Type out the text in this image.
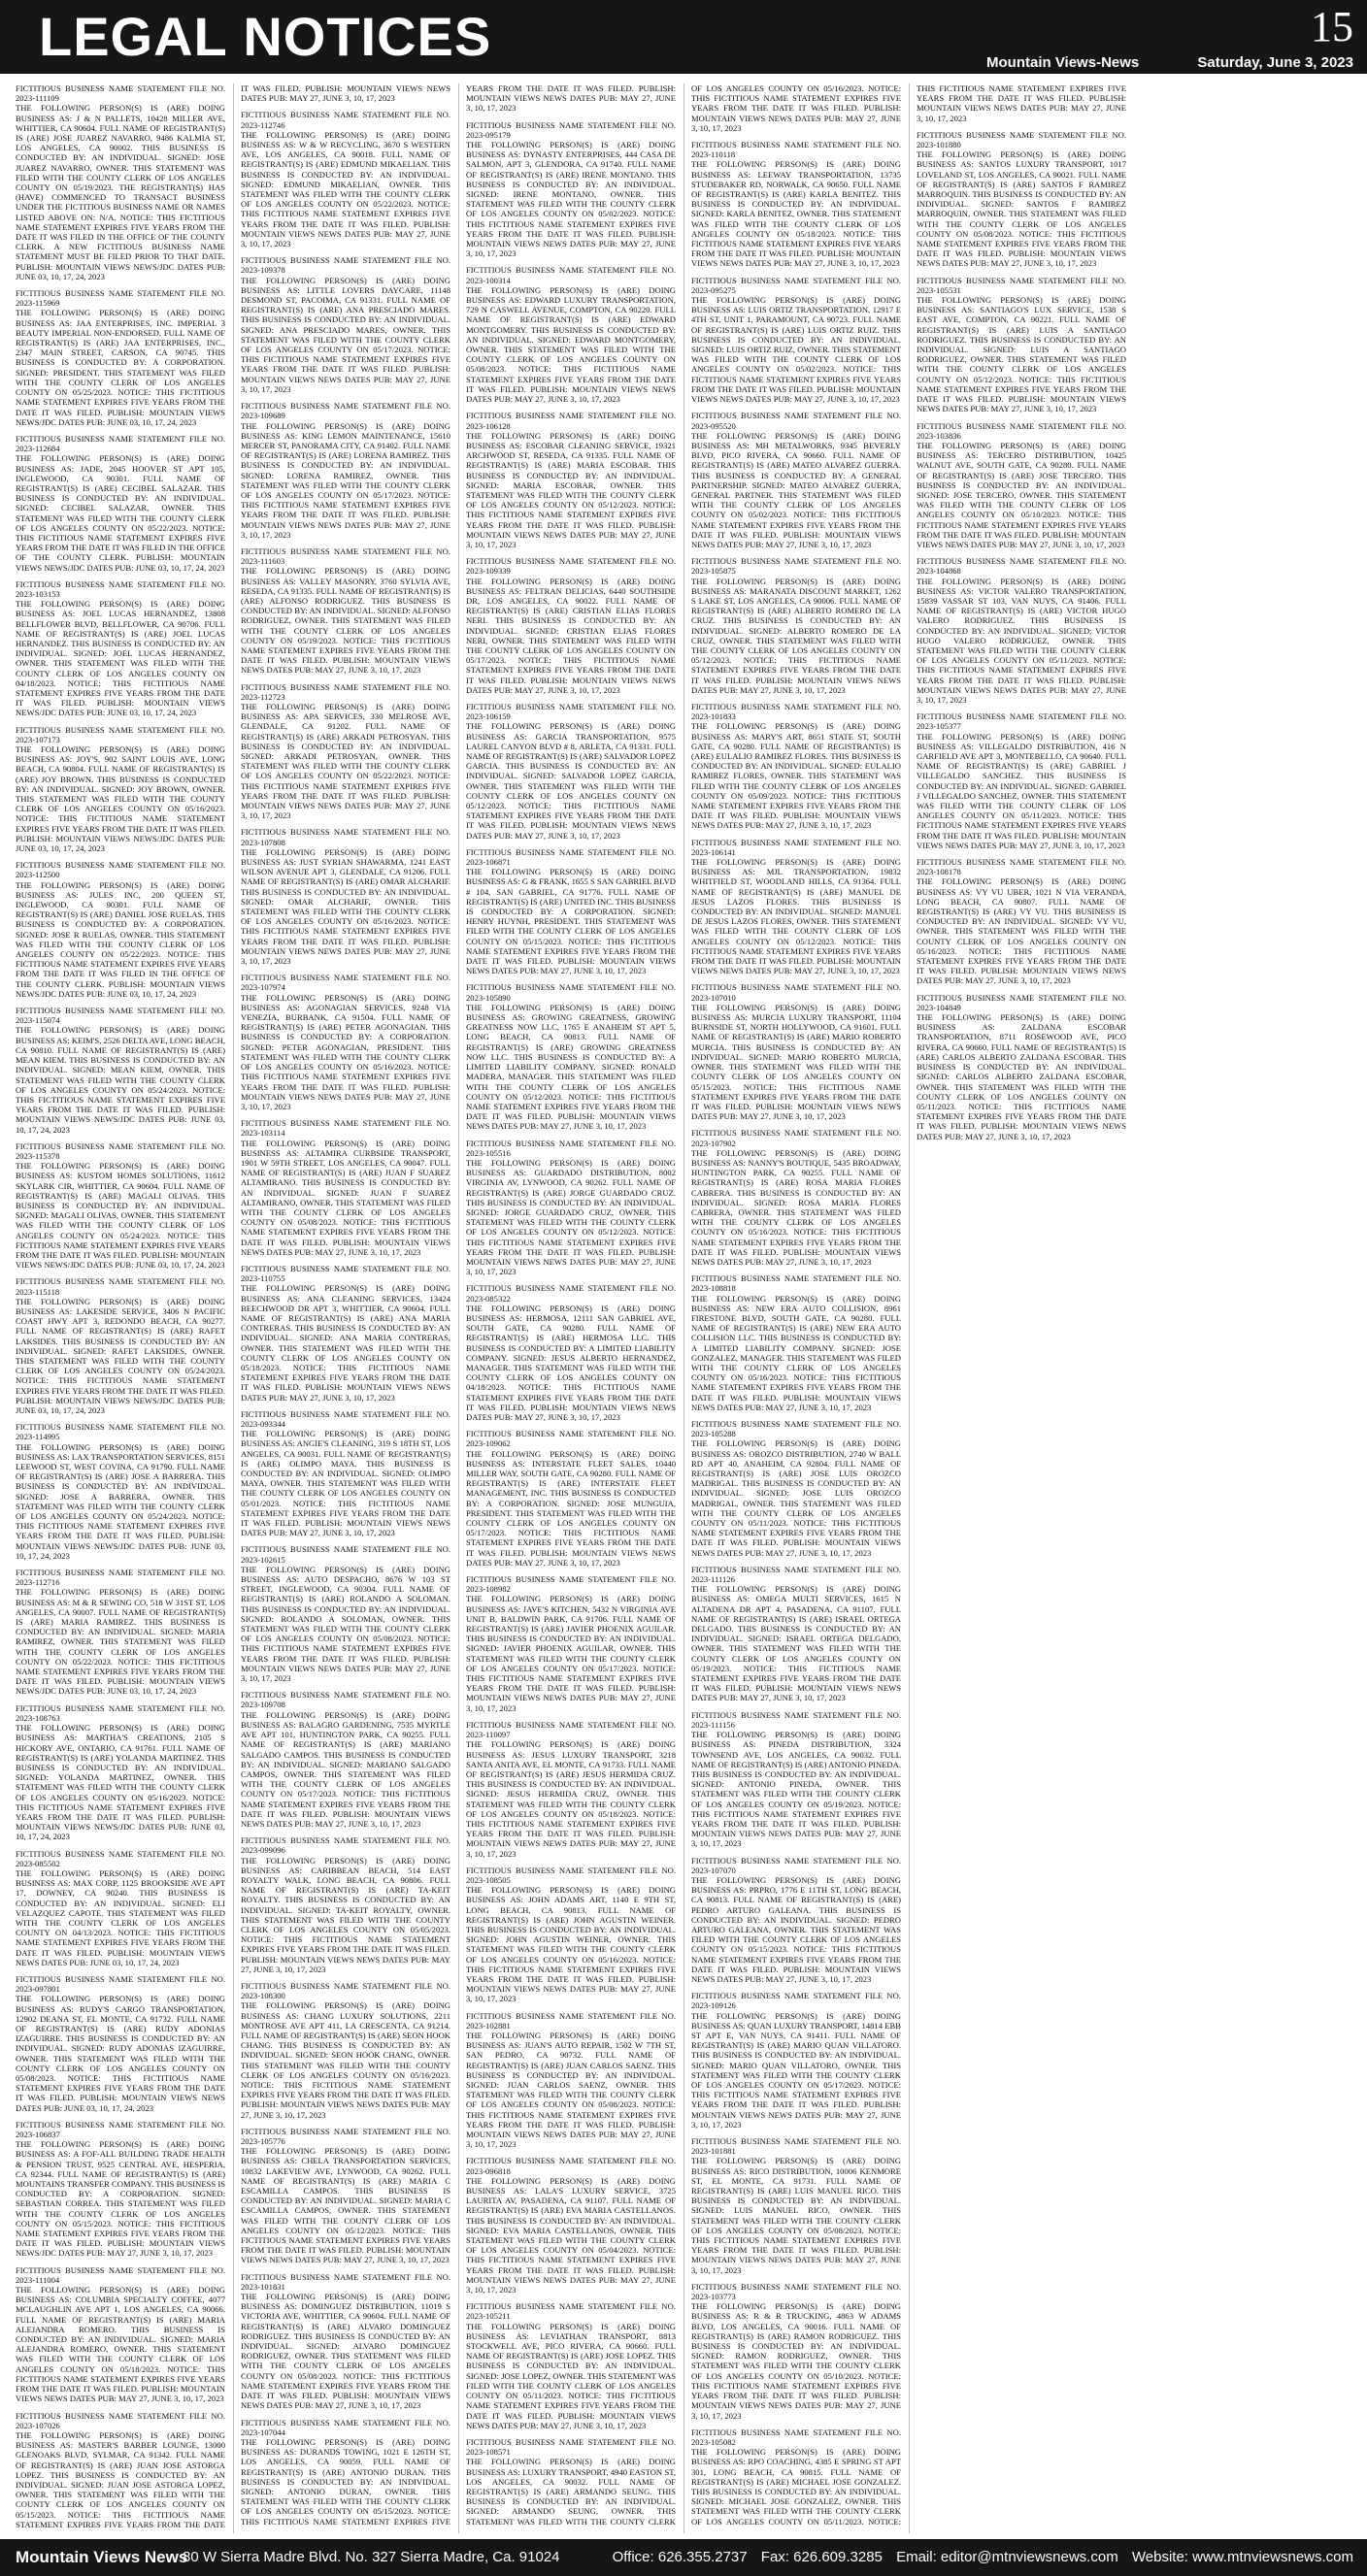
LEGAL NOTICES	15
Mountain Views-News	Saturday, June 3, 2023

FICTITIOUS BUSINESS NAME STATEMENT FILE NO. 2023-111109
THE FOLLOWING PERSON(S) IS (ARE) DOING BUSINESS AS: J & N PALLETS, 10428 MILLER AVE, WHITTIER, CA 90604. FULL NAME OF REGISTRANT(S) IS (ARE) JOSE JUAREZ NAVARRO, 9486 KALMIA ST, LOS ANGELES, CA 90002. THIS BUSINESS IS CONDUCTED BY: AN INDIVIDUAL. SIGNED: JOSE JUAREZ NAVARRO, OWNER. THIS STATEMENT WAS FILED WITH THE COUNTY CLERK OF LOS ANGELES COUNTY ON 05/19/2023. THE REGISTRANT(S) HAS (HAVE) COMMENCED TO TRANSACT BUSINESS UNDER THE FICTITIOUS BUSINESS NAME OR NAMES LISTED ABOVE ON: N/A. NOTICE: THIS FICTITIOUS NAME STATEMENT EXPIRES FIVE YEARS FROM THE DATE IT WAS FILED IN THE OFFICE OF THE COUNTY CLERK. A NEW FICTITIOUS BUSINESS NAME STATEMENT MUST BE FILED PRIOR TO THAT DATE. PUBLISH: MOUNTAIN VIEWS NEWS/JDC DATES PUB: JUNE 03, 10, 17, 24, 2023

FICTITIOUS BUSINESS NAME STATEMENT FILE NO. 2023-115969
THE FOLLOWING PERSON(S) IS (ARE) DOING BUSINESS AS: JAA ENTERPRISES, INC. IMPERIAL 3 BEAUTY IMPERIAL NON-ENDORSED. FULL NAME OF REGISTRANT(S) IS (ARE) JAA ENTERPRISES, INC., 2347 MAIN STREET, CARSON, CA 90745. THIS BUSINESS IS CONDUCTED BY: A CORPORATION. SIGNED: PRESIDENT. THIS STATEMENT WAS FILED WITH THE COUNTY CLERK OF LOS ANGELES COUNTY ON 05/25/2023. NOTICE: THIS FICTITIOUS NAME STATEMENT EXPIRES FIVE YEARS FROM THE DATE IT WAS FILED. PUBLISH: MOUNTAIN VIEWS NEWS/JDC DATES PUB: JUNE 03, 10, 17, 24, 2023

FICTITIOUS BUSINESS NAME STATEMENT FILE NO. 2023-112684
THE FOLLOWING PERSON(S) IS (ARE) DOING BUSINESS AS: JADE, 2045 HOOVER ST APT 105, INGLEWOOD, CA 90301. FULL NAME OF REGISTRANT(S) IS (ARE) CECIBEL SALAZAR. THIS BUSINESS IS CONDUCTED BY: AN INDIVIDUAL. SIGNED: CECIBEL SALAZAR, OWNER. THIS STATEMENT WAS FILED WITH THE COUNTY CLERK OF LOS ANGELES COUNTY ON 05/22/2023. NOTICE: THIS FICTITIOUS NAME STATEMENT EXPIRES FIVE YEARS FROM THE DATE IT WAS FILED IN THE OFFICE OF THE COUNTY CLERK. PUBLISH: MOUNTAIN VIEWS NEWS/JDC DATES PUB: JUNE 03, 10, 17, 24, 2023

FICTITIOUS BUSINESS NAME STATEMENT FILE NO. 2023-103153
THE FOLLOWING PERSON(S) IS (ARE) DOING BUSINESS AS: JOEL LUCAS HERNANDEZ, 13808 BELLFLOWER BLVD, BELLFLOWER, CA 90706. FULL NAME OF REGISTRANT(S) IS (ARE) JOEL LUCAS HERNANDEZ. THIS BUSINESS IS CONDUCTED BY: AN INDIVIDUAL. SIGNED: JOEL LUCAS HERNANDEZ, OWNER. THIS STATEMENT WAS FILED WITH THE COUNTY CLERK OF LOS ANGELES COUNTY ON 04/18/2023. NOTICE: THIS FICTITIOUS NAME STATEMENT EXPIRES FIVE YEARS FROM THE DATE IT WAS FILED. PUBLISH: MOUNTAIN VIEWS NEWS/JDC DATES PUB: JUNE 03, 10, 17, 24, 2023

FICTITIOUS BUSINESS NAME STATEMENT FILE NO. 2023-107173
THE FOLLOWING PERSON(S) IS (ARE) DOING BUSINESS AS: JOY'S, 902 SAINT LOUIS AVE, LONG BEACH, CA 90804. FULL NAME OF REGISTRANT(S) IS (ARE) JOY BROWN. THIS BUSINESS IS CONDUCTED BY: AN INDIVIDUAL. SIGNED: JOY BROWN, OWNER. THIS STATEMENT WAS FILED WITH THE COUNTY CLERK OF LOS ANGELES COUNTY ON 05/16/2023. NOTICE: THIS FICTITIOUS NAME STATEMENT EXPIRES FIVE YEARS FROM THE DATE IT WAS FILED. PUBLISH: MOUNTAIN VIEWS NEWS/JDC DATES PUB: JUNE 03, 10, 17, 24, 2023

FICTITIOUS BUSINESS NAME STATEMENT FILE NO. 2023-112500
THE FOLLOWING PERSON(S) IS (ARE) DOING BUSINESS AS: JULES INC, 200 QUEEN ST, INGLEWOOD, CA 90301. FULL NAME OF REGISTRANT(S) IS (ARE) DANIEL JOSE RUELAS. THIS BUSINESS IS CONDUCTED BY: A CORPORATION. SIGNED: JOSE R RUELAS, OWNER. THIS STATEMENT WAS FILED WITH THE COUNTY CLERK OF LOS ANGELES COUNTY ON 05/22/2023. NOTICE: THIS FICTITIOUS NAME STATEMENT EXPIRES FIVE YEARS FROM THE DATE IT WAS FILED IN THE OFFICE OF THE COUNTY CLERK. PUBLISH: MOUNTAIN VIEWS NEWS/JDC DATES PUB: JUNE 03, 10, 17, 24, 2023

FICTITIOUS BUSINESS NAME STATEMENT FILE NO. 2023-115074
THE FOLLOWING PERSON(S) IS (ARE) DOING BUSINESS AS: KEIM'S, 2526 DELTA AVE, LONG BEACH, CA 90810. FULL NAME OF REGISTRANT(S) IS (ARE) MEAN KIEM. THIS BUSINESS IS CONDUCTED BY: AN INDIVIDUAL. SIGNED: MEAN KIEM, OWNER. THIS STATEMENT WAS FILED WITH THE COUNTY CLERK OF LOS ANGELES COUNTY ON 05/24/2023. NOTICE: THIS FICTITIOUS NAME STATEMENT EXPIRES FIVE YEARS FROM THE DATE IT WAS FILED. PUBLISH: MOUNTAIN VIEWS NEWS/JDC DATES PUB: JUNE 03, 10, 17, 24, 2023

FICTITIOUS BUSINESS NAME STATEMENT FILE NO. 2023-115378
THE FOLLOWING PERSON(S) IS (ARE) DOING BUSINESS AS: KUSTOM HOMES SOLUTIONS, 11612 SKYLARK CIR, WHITTIER, CA 90604. FULL NAME OF REGISTRANT(S) IS (ARE) MAGALI OLIVAS. THIS BUSINESS IS CONDUCTED BY: AN INDIVIDUAL. SIGNED: MAGALI OLIVAS, OWNER. THIS STATEMENT WAS FILED WITH THE COUNTY CLERK OF LOS ANGELES COUNTY ON 05/24/2023. NOTICE: THIS FICTITIOUS NAME STATEMENT EXPIRES FIVE YEARS FROM THE DATE IT WAS FILED. PUBLISH: MOUNTAIN VIEWS NEWS/JDC DATES PUB: JUNE 03, 10, 17, 24, 2023

FICTITIOUS BUSINESS NAME STATEMENT FILE NO. 2023-115118
THE FOLLOWING PERSON(S) IS (ARE) DOING BUSINESS AS: LAKESIDE SERVICE, 3406 N PACIFIC COAST HWY APT 3, REDONDO BEACH, CA 90277. FULL NAME OF REGISTRANT(S) IS (ARE) RAFET LAKSIDES. THIS BUSINESS IS CONDUCTED BY: AN INDIVIDUAL. SIGNED: RAFET LAKSIDES, OWNER. THIS STATEMENT WAS FILED WITH THE COUNTY CLERK OF LOS ANGELES COUNTY ON 05/24/2023. NOTICE: THIS FICTITIOUS NAME STATEMENT EXPIRES FIVE YEARS FROM THE DATE IT WAS FILED. PUBLISH: MOUNTAIN VIEWS NEWS/JDC DATES PUB: JUNE 03, 10, 17, 24, 2023

FICTITIOUS BUSINESS NAME STATEMENT FILE NO. 2023-114995
THE FOLLOWING PERSON(S) IS (ARE) DOING BUSINESS AS: LAX TRANSPORTATION SERVICES, 8151 LEEWOOD ST, WEST COVINA, CA 91790. FULL NAME OF REGISTRANT(S) IS (ARE) JOSE A BARRERA. THIS BUSINESS IS CONDUCTED BY: AN INDIVIDUAL. SIGNED: JOSE A BARRERA, OWNER. THIS STATEMENT WAS FILED WITH THE COUNTY CLERK OF LOS ANGELES COUNTY ON 05/24/2023. NOTICE: THIS FICTITIOUS NAME STATEMENT EXPIRES FIVE YEARS FROM THE DATE IT WAS FILED. PUBLISH: MOUNTAIN VIEWS NEWS/JDC DATES PUB: JUNE 03, 10, 17, 24, 2023

FICTITIOUS BUSINESS NAME STATEMENT FILE NO. 2023-112716
THE FOLLOWING PERSON(S) IS (ARE) DOING BUSINESS AS: M & R SEWING CO, 518 W 31ST ST, LOS ANGELES, CA 90007. FULL NAME OF REGISTRANT(S) IS (ARE) MARIA RAMIREZ. THIS BUSINESS IS CONDUCTED BY: AN INDIVIDUAL. SIGNED: MARIA RAMIREZ, OWNER. THIS STATEMENT WAS FILED WITH THE COUNTY CLERK OF LOS ANGELES COUNTY ON 05/22/2023. NOTICE: THIS FICTITIOUS NAME STATEMENT EXPIRES FIVE YEARS FROM THE DATE IT WAS FILED. PUBLISH: MOUNTAIN VIEWS NEWS/JDC DATES PUB: JUNE 03, 10, 17, 24, 2023

FICTITIOUS BUSINESS NAME STATEMENT FILE NO. 2023-108763
THE FOLLOWING PERSON(S) IS (ARE) DOING BUSINESS AS: MARTHA'S CREATIONS, 2105 S HICKORY AVE, ONTARIO, CA 91761. FULL NAME OF REGISTRANT(S) IS (ARE) YOLANDA MARTINEZ. THIS BUSINESS IS CONDUCTED BY: AN INDIVIDUAL. SIGNED: YOLANDA MARTINEZ, OWNER. THIS STATEMENT WAS FILED WITH THE COUNTY CLERK OF LOS ANGELES COUNTY ON 05/16/2023. NOTICE: THIS FICTITIOUS NAME STATEMENT EXPIRES FIVE YEARS FROM THE DATE IT WAS FILED. PUBLISH: MOUNTAIN VIEWS NEWS/JDC DATES PUB: JUNE 03, 10, 17, 24, 2023

FICTITIOUS BUSINESS NAME STATEMENT FILE NO. 2023-085502
THE FOLLOWING PERSON(S) IS (ARE) DOING BUSINESS AS: MAX CORP, 1125 BROOKSIDE AVE APT 17, DOWNEY, CA 90240. THIS BUSINESS IS CONDUCTED BY: AN INDIVIDUAL. SIGNED: ELI VELAZQUEZ CAPOTE. THIS STATEMENT WAS FILED WITH THE COUNTY CLERK OF LOS ANGELES COUNTY ON 04/13/2023. NOTICE: THIS FICTITIOUS NAME STATEMENT EXPIRES FIVE YEARS FROM THE DATE IT WAS FILED. PUBLISH: MOUNTAIN VIEWS NEWS DATES PUB: JUNE 03, 10, 17, 24, 2023

FICTITIOUS BUSINESS NAME STATEMENT FILE NO. 2023-097801
THE FOLLOWING PERSON(S) IS (ARE) DOING BUSINESS AS: RUDY'S CARGO TRANSPORTATION, 12902 DEANA ST, EL MONTE, CA 91732. FULL NAME OF REGISTRANT(S) IS (ARE) RUDY ADONIAS IZAGUIRRE. THIS BUSINESS IS CONDUCTED BY: AN INDIVIDUAL. SIGNED: RUDY ADONIAS IZAGUIRRE, OWNER. THIS STATEMENT WAS FILED WITH THE COUNTY CLERK OF LOS ANGELES COUNTY ON 05/08/2023. NOTICE: THIS FICTITIOUS NAME STATEMENT EXPIRES FIVE YEARS FROM THE DATE IT WAS FILED. PUBLISH: MOUNTAIN VIEWS NEWS DATES PUB: JUNE 03, 10, 17, 24, 2023

FICTITIOUS BUSINESS NAME STATEMENT FILE NO. 2023-106837
THE FOLLOWING PERSON(S) IS (ARE) DOING BUSINESS AS: A FOF-ALL BUILDING TRADE HEALTH & PENSION TRUST, 9525 CENTRAL AVE, HESPERIA, CA 92344. FULL NAME OF REGISTRANT(S) IS (ARE) MOUNTAINS TRANSFER COMPANY. THIS BUSINESS IS CONDUCTED BY: A CORPORATION. SIGNED: SEBASTIAN CORREA. THIS STATEMENT WAS FILED WITH THE COUNTY CLERK OF LOS ANGELES COUNTY ON 05/15/2023. NOTICE: THIS FICTITIOUS NAME STATEMENT EXPIRES FIVE YEARS FROM THE DATE IT WAS FILED. PUBLISH: MOUNTAIN VIEWS NEWS/JDC DATES PUB: MAY 27, JUNE 3, 10, 17, 2023

FICTITIOUS BUSINESS NAME STATEMENT FILE NO. 2023-111004
THE FOLLOWING PERSON(S) IS (ARE) DOING BUSINESS AS: COLUMBIA SPECIALTY COFFEE, 4077 MCLAUGHLIN AVE APT 1, LOS ANGELES, CA 90066. FULL NAME OF REGISTRANT(S) IS (ARE) MARIA ALEJANDRA ROMERO. THIS BUSINESS IS CONDUCTED BY: AN INDIVIDUAL. SIGNED: MARIA ALEJANDRA ROMERO, OWNER. THIS STATEMENT WAS FILED WITH THE COUNTY CLERK OF LOS ANGELES COUNTY ON 05/18/2023. NOTICE: THIS FICTITIOUS NAME STATEMENT EXPIRES FIVE YEARS FROM THE DATE IT WAS FILED. PUBLISH: MOUNTAIN VIEWS NEWS DATES PUB: MAY 27, JUNE 3, 10, 17, 2023

FICTITIOUS BUSINESS NAME STATEMENT FILE NO. 2023-107026
THE FOLLOWING PERSON(S) IS (ARE) DOING BUSINESS AS: MASTER'S BARBER LOUNGE, 13000 GLENOAKS BLVD, SYLMAR, CA 91342. FULL NAME OF REGISTRANT(S) IS (ARE) JUAN JOSE ASTORGA LOPEZ. THIS BUSINESS IS CONDUCTED BY: AN INDIVIDUAL. SIGNED: JUAN JOSE ASTORGA LOPEZ, OWNER. THIS STATEMENT WAS FILED WITH THE COUNTY CLERK OF LOS ANGELES COUNTY ON 05/15/2023. NOTICE: THIS FICTITIOUS NAME STATEMENT EXPIRES FIVE YEARS FROM THE DATE IT WAS FILED. PUBLISH: MOUNTAIN VIEWS NEWS DATES PUB: MAY 27, JUNE 3, 10, 17, 2023

FICTITIOUS BUSINESS NAME STATEMENT FILE NO. 2023-112746
THE FOLLOWING PERSON(S) IS (ARE) DOING BUSINESS AS: W & W RECYCLING, 3670 S WESTERN AVE, LOS ANGELES, CA 90018. FULL NAME OF REGISTRANT(S) IS (ARE) EDMUND MIKAELIAN. THIS BUSINESS IS CONDUCTED BY: AN INDIVIDUAL. SIGNED: EDMUND MIKAELIAN, OWNER. THIS STATEMENT WAS FILED WITH THE COUNTY CLERK OF LOS ANGELES COUNTY ON 05/22/2023. NOTICE: THIS FICTITIOUS NAME STATEMENT EXPIRES FIVE YEARS FROM THE DATE IT WAS FILED. PUBLISH: MOUNTAIN VIEWS NEWS DATES PUB: MAY 27, JUNE 3, 10, 17, 2023

FICTITIOUS BUSINESS NAME STATEMENT FILE NO. 2023-109378
THE FOLLOWING PERSON(S) IS (ARE) DOING BUSINESS AS: LITTLE LOVERS DAYCARE, 11148 DESMOND ST, PACOIMA, CA 91331. FULL NAME OF REGISTRANT(S) IS (ARE) ANA PRESCIADO MARES. THIS BUSINESS IS CONDUCTED BY: AN INDIVIDUAL. SIGNED: ANA PRESCIADO MARES, OWNER. THIS STATEMENT WAS FILED WITH THE COUNTY CLERK OF LOS ANGELES COUNTY ON 05/17/2023. NOTICE: THIS FICTITIOUS NAME STATEMENT EXPIRES FIVE YEARS FROM THE DATE IT WAS FILED. PUBLISH: MOUNTAIN VIEWS NEWS DATES PUB: MAY 27, JUNE 3, 10, 17, 2023

FICTITIOUS BUSINESS NAME STATEMENT FILE NO. 2023-109689
THE FOLLOWING PERSON(S) IS (ARE) DOING BUSINESS AS: KING LEMON MAINTENANCE, 15610 MERCER ST, PANORAMA CITY, CA 91402. FULL NAME OF REGISTRANT(S) IS (ARE) LORENA RAMIREZ. THIS BUSINESS IS CONDUCTED BY: AN INDIVIDUAL. SIGNED: LORENA RAMIREZ, OWNER. THIS STATEMENT WAS FILED WITH THE COUNTY CLERK OF LOS ANGELES COUNTY ON 05/17/2023. NOTICE: THIS FICTITIOUS NAME STATEMENT EXPIRES FIVE YEARS FROM THE DATE IT WAS FILED. PUBLISH: MOUNTAIN VIEWS NEWS DATES PUB: MAY 27, JUNE 3, 10, 17, 2023

FICTITIOUS BUSINESS NAME STATEMENT FILE NO. 2023-111603
THE FOLLOWING PERSON(S) IS (ARE) DOING BUSINESS AS: VALLEY MASONRY, 3760 SYLVIA AVE, RESEDA, CA 91335. FULL NAME OF REGISTRANT(S) IS (ARE) ALFONSO RODRIGUEZ. THIS BUSINESS IS CONDUCTED BY: AN INDIVIDUAL. SIGNED: ALFONSO RODRIGUEZ, OWNER. THIS STATEMENT WAS FILED WITH THE COUNTY CLERK OF LOS ANGELES COUNTY ON 05/19/2023. NOTICE: THIS FICTITIOUS NAME STATEMENT EXPIRES FIVE YEARS FROM THE DATE IT WAS FILED. PUBLISH: MOUNTAIN VIEWS NEWS DATES PUB: MAY 27, JUNE 3, 10, 17, 2023

FICTITIOUS BUSINESS NAME STATEMENT FILE NO. 2023-112723
THE FOLLOWING PERSON(S) IS (ARE) DOING BUSINESS AS: APA SERVICES, 330 MELROSE AVE, GLENDALE, CA 91202. FULL NAME OF REGISTRANT(S) IS (ARE) ARKADI PETROSYAN. THIS BUSINESS IS CONDUCTED BY: AN INDIVIDUAL. SIGNED: ARKADI PETROSYAN, OWNER. THIS STATEMENT WAS FILED WITH THE COUNTY CLERK OF LOS ANGELES COUNTY ON 05/22/2023. NOTICE: THIS FICTITIOUS NAME STATEMENT EXPIRES FIVE YEARS FROM THE DATE IT WAS FILED. PUBLISH: MOUNTAIN VIEWS NEWS DATES PUB: MAY 27, JUNE 3, 10, 17, 2023

FICTITIOUS BUSINESS NAME STATEMENT FILE NO. 2023-107808
THE FOLLOWING PERSON(S) IS (ARE) DOING BUSINESS AS: JUST SYRIAN SHAWARMA, 1241 EAST WILSON AVENUE APT 3, GLENDALE, CA 91206. FULL NAME OF REGISTRANT(S) IS (ARE) OMAR ALCHARIF. THIS BUSINESS IS CONDUCTED BY: AN INDIVIDUAL. SIGNED: OMAR ALCHARIF, OWNER. THIS STATEMENT WAS FILED WITH THE COUNTY CLERK OF LOS ANGELES COUNTY ON 05/16/2023. NOTICE: THIS FICTITIOUS NAME STATEMENT EXPIRES FIVE YEARS FROM THE DATE IT WAS FILED. PUBLISH: MOUNTAIN VIEWS NEWS DATES PUB: MAY 27, JUNE 3, 10, 17, 2023

FICTITIOUS BUSINESS NAME STATEMENT FILE NO. 2023-107974
THE FOLLOWING PERSON(S) IS (ARE) DOING BUSINESS AS: AGONAGIAN SERVICES, 9248 VIA VENEZIA, BURBANK, CA 91504. FULL NAME OF REGISTRANT(S) IS (ARE) PETER AGONAGIAN. THIS BUSINESS IS CONDUCTED BY: A CORPORATION. SIGNED: PETER AGONAGIAN, PRESIDENT. THIS STATEMENT WAS FILED WITH THE COUNTY CLERK OF LOS ANGELES COUNTY ON 05/16/2023. NOTICE: THIS FICTITIOUS NAME STATEMENT EXPIRES FIVE YEARS FROM THE DATE IT WAS FILED. PUBLISH: MOUNTAIN VIEWS NEWS DATES PUB: MAY 27, JUNE 3, 10, 17, 2023

FICTITIOUS BUSINESS NAME STATEMENT FILE NO. 2023-103114
THE FOLLOWING PERSON(S) IS (ARE) DOING BUSINESS AS: ALTAMIRA CURBSIDE TRANSPORT, 1901 W 59TH STREET, LOS ANGELES, CA 90047. FULL NAME OF REGISTRANT(S) IS (ARE) JUAN F SUAREZ ALTAMIRANO. THIS BUSINESS IS CONDUCTED BY: AN INDIVIDUAL. SIGNED: JUAN F SUAREZ ALTAMIRANO, OWNER. THIS STATEMENT WAS FILED WITH THE COUNTY CLERK OF LOS ANGELES COUNTY ON 05/08/2023. NOTICE: THIS FICTITIOUS NAME STATEMENT EXPIRES FIVE YEARS FROM THE DATE IT WAS FILED. PUBLISH: MOUNTAIN VIEWS NEWS DATES PUB: MAY 27, JUNE 3, 10, 17, 2023

FICTITIOUS BUSINESS NAME STATEMENT FILE NO. 2023-110755
THE FOLLOWING PERSON(S) IS (ARE) DOING BUSINESS AS: ANA CLEANING SERVICES, 13424 BEECHWOOD DR APT 3, WHITTIER, CA 90604. FULL NAME OF REGISTRANT(S) IS (ARE) ANA MARIA CONTRERAS. THIS BUSINESS IS CONDUCTED BY: AN INDIVIDUAL. SIGNED: ANA MARIA CONTRERAS, OWNER. THIS STATEMENT WAS FILED WITH THE COUNTY CLERK OF LOS ANGELES COUNTY ON 05/18/2023. NOTICE: THIS FICTITIOUS NAME STATEMENT EXPIRES FIVE YEARS FROM THE DATE IT WAS FILED. PUBLISH: MOUNTAIN VIEWS NEWS DATES PUB: MAY 27, JUNE 3, 10, 17, 2023

FICTITIOUS BUSINESS NAME STATEMENT FILE NO. 2023-093344
THE FOLLOWING PERSON(S) IS (ARE) DOING BUSINESS AS: ANGIE'S CLEANING, 319 S 18TH ST, LOS ANGELES, CA 90031. FULL NAME OF REGISTRANT(S) IS (ARE) OLIMPO MAYA. THIS BUSINESS IS CONDUCTED BY: AN INDIVIDUAL. SIGNED: OLIMPO MAYA, OWNER. THIS STATEMENT WAS FILED WITH THE COUNTY CLERK OF LOS ANGELES COUNTY ON 05/01/2023. NOTICE: THIS FICTITIOUS NAME STATEMENT EXPIRES FIVE YEARS FROM THE DATE IT WAS FILED. PUBLISH: MOUNTAIN VIEWS NEWS DATES PUB: MAY 27, JUNE 3, 10, 17, 2023

FICTITIOUS BUSINESS NAME STATEMENT FILE NO. 2023-102615
THE FOLLOWING PERSON(S) IS (ARE) DOING BUSINESS AS: AUTO DESPACHO, 8676 W 103 ST STREET, INGLEWOOD, CA 90304. FULL NAME OF REGISTRANT(S) IS (ARE) ROLANDO A SOLOMAN. THIS BUSINESS IS CONDUCTED BY: AN INDIVIDUAL. SIGNED: ROLANDO A SOLOMAN, OWNER. THIS STATEMENT WAS FILED WITH THE COUNTY CLERK OF LOS ANGELES COUNTY ON 05/08/2023. NOTICE: THIS FICTITIOUS NAME STATEMENT EXPIRES FIVE YEARS FROM THE DATE IT WAS FILED. PUBLISH: MOUNTAIN VIEWS NEWS DATES PUB: MAY 27, JUNE 3, 10, 17, 2023

FICTITIOUS BUSINESS NAME STATEMENT FILE NO. 2023-109708
THE FOLLOWING PERSON(S) IS (ARE) DOING BUSINESS AS: BALAGRO GARDENING, 7535 MYRTLE AVE APT 101, HUNTINGTON PARK, CA 90255. FULL NAME OF REGISTRANT(S) IS (ARE) MARIANO SALGADO CAMPOS. THIS BUSINESS IS CONDUCTED BY: AN INDIVIDUAL. SIGNED: MARIANO SALGADO CAMPOS, OWNER. THIS STATEMENT WAS FILED WITH THE COUNTY CLERK OF LOS ANGELES COUNTY ON 05/17/2023. NOTICE: THIS FICTITIOUS NAME STATEMENT EXPIRES FIVE YEARS FROM THE DATE IT WAS FILED. PUBLISH: MOUNTAIN VIEWS NEWS DATES PUB: MAY 27, JUNE 3, 10, 17, 2023

FICTITIOUS BUSINESS NAME STATEMENT FILE NO. 2023-099096
THE FOLLOWING PERSON(S) IS (ARE) DOING BUSINESS AS: CARIBBEAN BEACH, 514 EAST ROYALTY WALK, LONG BEACH, CA 90806. FULL NAME OF REGISTRANT(S) IS (ARE) TA-KEIT ROYALTY. THIS BUSINESS IS CONDUCTED BY: AN INDIVIDUAL. SIGNED: TA-KEIT ROYALTY, OWNER. THIS STATEMENT WAS FILED WITH THE COUNTY CLERK OF LOS ANGELES COUNTY ON 05/05/2023. NOTICE: THIS FICTITIOUS NAME STATEMENT EXPIRES FIVE YEARS FROM THE DATE IT WAS FILED. PUBLISH: MOUNTAIN VIEWS NEWS DATES PUB: MAY 27, JUNE 3, 10, 17, 2023

FICTITIOUS BUSINESS NAME STATEMENT FILE NO. 2023-108300
THE FOLLOWING PERSON(S) IS (ARE) DOING BUSINESS AS: CHANG LUXURY SOLUTIONS, 2211 MONTROSE AVE APT 411, LA CRESCENTA, CA 91214. FULL NAME OF REGISTRANT(S) IS (ARE) SEON HOOK CHANG. THIS BUSINESS IS CONDUCTED BY: AN INDIVIDUAL. SIGNED: SEON HOOK CHANG, OWNER. THIS STATEMENT WAS FILED WITH THE COUNTY CLERK OF LOS ANGELES COUNTY ON 05/16/2023. NOTICE: THIS FICTITIOUS NAME STATEMENT EXPIRES FIVE YEARS FROM THE DATE IT WAS FILED. PUBLISH: MOUNTAIN VIEWS NEWS DATES PUB: MAY 27, JUNE 3, 10, 17, 2023

FICTITIOUS BUSINESS NAME STATEMENT FILE NO. 2023-105776
THE FOLLOWING PERSON(S) IS (ARE) DOING BUSINESS AS: CHELA TRANSPORTATION SERVICES, 10832 LAKEVIEW AVE, LYNWOOD, CA 90262. FULL NAME OF REGISTRANT(S) IS (ARE) MARIA C ESCAMILLA CAMPOS. THIS BUSINESS IS CONDUCTED BY: AN INDIVIDUAL. SIGNED: MARIA C ESCAMILLA CAMPOS, OWNER. THIS STATEMENT WAS FILED WITH THE COUNTY CLERK OF LOS ANGELES COUNTY ON 05/12/2023. NOTICE: THIS FICTITIOUS NAME STATEMENT EXPIRES FIVE YEARS FROM THE DATE IT WAS FILED. PUBLISH: MOUNTAIN VIEWS NEWS DATES PUB: MAY 27, JUNE 3, 10, 17, 2023

FICTITIOUS BUSINESS NAME STATEMENT FILE NO. 2023-101831
THE FOLLOWING PERSON(S) IS (ARE) DOING BUSINESS AS: DOMINGUEZ DISTRIBUTION, 11019 S VICTORIA AVE, WHITTIER, CA 90604. FULL NAME OF REGISTRANT(S) IS (ARE) ALVARO DOMINGUEZ RODRIGUEZ. THIS BUSINESS IS CONDUCTED BY: AN INDIVIDUAL. SIGNED: ALVARO DOMINGUEZ RODRIGUEZ, OWNER. THIS STATEMENT WAS FILED WITH THE COUNTY CLERK OF LOS ANGELES COUNTY ON 05/08/2023. NOTICE: THIS FICTITIOUS NAME STATEMENT EXPIRES FIVE YEARS FROM THE DATE IT WAS FILED. PUBLISH: MOUNTAIN VIEWS NEWS DATES PUB: MAY 27, JUNE 3, 10, 17, 2023

FICTITIOUS BUSINESS NAME STATEMENT FILE NO. 2023-107044
THE FOLLOWING PERSON(S) IS (ARE) DOING BUSINESS AS: DURANDS TOWING, 1021 E 126TH ST, LOS ANGELES, CA 90059. FULL NAME OF REGISTRANT(S) IS (ARE) ANTONIO DURAN. THIS BUSINESS IS CONDUCTED BY: AN INDIVIDUAL. SIGNED: ANTONIO DURAN, OWNER. THIS STATEMENT WAS FILED WITH THE COUNTY CLERK OF LOS ANGELES COUNTY ON 05/15/2023. NOTICE: THIS FICTITIOUS NAME STATEMENT EXPIRES FIVE YEARS FROM THE DATE IT WAS FILED. PUBLISH: MOUNTAIN VIEWS NEWS DATES PUB: MAY 27, JUNE 3, 10, 17, 2023

FICTITIOUS BUSINESS NAME STATEMENT FILE NO. 2023-095179
THE FOLLOWING PERSON(S) IS (ARE) DOING BUSINESS AS: DYNASTY ENTERPRISES, 444 CASA DE SALMON, APT 3, GLENDORA, CA 91740. FULL NAME OF REGISTRANT(S) IS (ARE) IRENE MONTANO. THIS BUSINESS IS CONDUCTED BY: AN INDIVIDUAL. SIGNED: IRENE MONTANO, OWNER. THIS STATEMENT WAS FILED WITH THE COUNTY CLERK OF LOS ANGELES COUNTY ON 05/02/2023. NOTICE: THIS FICTITIOUS NAME STATEMENT EXPIRES FIVE YEARS FROM THE DATE IT WAS FILED. PUBLISH: MOUNTAIN VIEWS NEWS DATES PUB: MAY 27, JUNE 3, 10, 17, 2023

FICTITIOUS BUSINESS NAME STATEMENT FILE NO. 2023-100314
THE FOLLOWING PERSON(S) IS (ARE) DOING BUSINESS AS: EDWARD LUXURY TRANSPORTATION, 729 N CASWELL AVENUE, COMPTON, CA 90220. FULL NAME OF REGISTRANT(S) IS (ARE) EDWARD MONTGOMERY. THIS BUSINESS IS CONDUCTED BY: AN INDIVIDUAL. SIGNED: EDWARD MONTGOMERY, OWNER. THIS STATEMENT WAS FILED WITH THE COUNTY CLERK OF LOS ANGELES COUNTY ON 05/08/2023. NOTICE: THIS FICTITIOUS NAME STATEMENT EXPIRES FIVE YEARS FROM THE DATE IT WAS FILED. PUBLISH: MOUNTAIN VIEWS NEWS DATES PUB: MAY 27, JUNE 3, 10, 17, 2023

FICTITIOUS BUSINESS NAME STATEMENT FILE NO. 2023-106128
THE FOLLOWING PERSON(S) IS (ARE) DOING BUSINESS AS: ESCOBAR CLEANING SERVICE, 19321 ARCHWOOD ST, RESEDA, CA 91335. FULL NAME OF REGISTRANT(S) IS (ARE) MARIA ESCOBAR. THIS BUSINESS IS CONDUCTED BY: AN INDIVIDUAL. SIGNED: MARIA ESCOBAR, OWNER. THIS STATEMENT WAS FILED WITH THE COUNTY CLERK OF LOS ANGELES COUNTY ON 05/12/2023. NOTICE: THIS FICTITIOUS NAME STATEMENT EXPIRES FIVE YEARS FROM THE DATE IT WAS FILED. PUBLISH: MOUNTAIN VIEWS NEWS DATES PUB: MAY 27, JUNE 3, 10, 17, 2023

FICTITIOUS BUSINESS NAME STATEMENT FILE NO. 2023-109339
THE FOLLOWING PERSON(S) IS (ARE) DOING BUSINESS AS: FELTRAN DELICIAS, 6440 SOUTHSIDE DR, LOS ANGELES, CA 90022. FULL NAME OF REGISTRANT(S) IS (ARE) CRISTIAN ELIAS FLORES NERI. THIS BUSINESS IS CONDUCTED BY: AN INDIVIDUAL. SIGNED: CRISTIAN ELIAS FLORES NERI, OWNER. THIS STATEMENT WAS FILED WITH THE COUNTY CLERK OF LOS ANGELES COUNTY ON 05/17/2023. NOTICE: THIS FICTITIOUS NAME STATEMENT EXPIRES FIVE YEARS FROM THE DATE IT WAS FILED. PUBLISH: MOUNTAIN VIEWS NEWS DATES PUB: MAY 27, JUNE 3, 10, 17, 2023

FICTITIOUS BUSINESS NAME STATEMENT FILE NO. 2023-106159
THE FOLLOWING PERSON(S) IS (ARE) DOING BUSINESS AS: GARCIA TRANSPORTATION, 9575 LAUREL CANYON BLVD # 8, ARLETA, CA 91331. FULL NAME OF REGISTRANT(S) IS (ARE) SALVADOR LOPEZ GARCIA. THIS BUSINESS IS CONDUCTED BY: AN INDIVIDUAL. SIGNED: SALVADOR LOPEZ GARCIA, OWNER. THIS STATEMENT WAS FILED WITH THE COUNTY CLERK OF LOS ANGELES COUNTY ON 05/12/2023. NOTICE: THIS FICTITIOUS NAME STATEMENT EXPIRES FIVE YEARS FROM THE DATE IT WAS FILED. PUBLISH: MOUNTAIN VIEWS NEWS DATES PUB: MAY 27, JUNE 3, 10, 17, 2023

FICTITIOUS BUSINESS NAME STATEMENT FILE NO. 2023-106871
THE FOLLOWING PERSON(S) IS (ARE) DOING BUSINESS AS: G & FRANK, 1655 S SAN GABRIEL BLVD # 104, SAN GABRIEL, CA 91776. FULL NAME OF REGISTRANT(S) IS (ARE) UNITED INC. THIS BUSINESS IS CONDUCTED BY: A CORPORATION. SIGNED: HENRY HUYNH, PRESIDENT. THIS STATEMENT WAS FILED WITH THE COUNTY CLERK OF LOS ANGELES COUNTY ON 05/15/2023. NOTICE: THIS FICTITIOUS NAME STATEMENT EXPIRES FIVE YEARS FROM THE DATE IT WAS FILED. PUBLISH: MOUNTAIN VIEWS NEWS DATES PUB: MAY 27, JUNE 3, 10, 17, 2023

FICTITIOUS BUSINESS NAME STATEMENT FILE NO. 2023-105890
THE FOLLOWING PERSON(S) IS (ARE) DOING BUSINESS AS: GROWING GREATNESS, GROWING GREATNESS NOW LLC, 1765 E ANAHEIM ST APT 5, LONG BEACH, CA 90813. FULL NAME OF REGISTRANT(S) IS (ARE) GROWING GREATNESS NOW LLC. THIS BUSINESS IS CONDUCTED BY: A LIMITED LIABILITY COMPANY. SIGNED: RONALD MADERA, MANAGER. THIS STATEMENT WAS FILED WITH THE COUNTY CLERK OF LOS ANGELES COUNTY ON 05/12/2023. NOTICE: THIS FICTITIOUS NAME STATEMENT EXPIRES FIVE YEARS FROM THE DATE IT WAS FILED. PUBLISH: MOUNTAIN VIEWS NEWS DATES PUB: MAY 27, JUNE 3, 10, 17, 2023

FICTITIOUS BUSINESS NAME STATEMENT FILE NO. 2023-105516
THE FOLLOWING PERSON(S) IS (ARE) DOING BUSINESS AS: GUARDADO DISTRIBUTION, 8002 VIRGINIA AV, LYNWOOD, CA 90262. FULL NAME OF REGISTRANT(S) IS (ARE) JORGE GUARDADO CRUZ. THIS BUSINESS IS CONDUCTED BY: AN INDIVIDUAL. SIGNED: JORGE GUARDADO CRUZ, OWNER. THIS STATEMENT WAS FILED WITH THE COUNTY CLERK OF LOS ANGELES COUNTY ON 05/12/2023. NOTICE: THIS FICTITIOUS NAME STATEMENT EXPIRES FIVE YEARS FROM THE DATE IT WAS FILED. PUBLISH: MOUNTAIN VIEWS NEWS DATES PUB: MAY 27, JUNE 3, 10, 17, 2023

FICTITIOUS BUSINESS NAME STATEMENT FILE NO. 2023-085322
THE FOLLOWING PERSON(S) IS (ARE) DOING BUSINESS AS: HERMOSA, 12111 SAN GABRIEL AVE, SOUTH GATE, CA 90280. FULL NAME OF REGISTRANT(S) IS (ARE) HERMOSA LLC. THIS BUSINESS IS CONDUCTED BY: A LIMITED LIABILITY COMPANY. SIGNED: JESUS ALBERTO HERNANDEZ, MANAGER. THIS STATEMENT WAS FILED WITH THE COUNTY CLERK OF LOS ANGELES COUNTY ON 04/18/2023. NOTICE: THIS FICTITIOUS NAME STATEMENT EXPIRES FIVE YEARS FROM THE DATE IT WAS FILED. PUBLISH: MOUNTAIN VIEWS NEWS DATES PUB: MAY 27, JUNE 3, 10, 17, 2023

FICTITIOUS BUSINESS NAME STATEMENT FILE NO. 2023-109062
THE FOLLOWING PERSON(S) IS (ARE) DOING BUSINESS AS: INTERSTATE FLEET SALES, 10440 MILLER WAY, SOUTH GATE, CA 90280. FULL NAME OF REGISTRANT(S) IS (ARE) INTERSTATE FLEET MANAGEMENT, INC. THIS BUSINESS IS CONDUCTED BY: A CORPORATION. SIGNED: JOSE MUNGUIA, PRESIDENT. THIS STATEMENT WAS FILED WITH THE COUNTY CLERK OF LOS ANGELES COUNTY ON 05/17/2023. NOTICE: THIS FICTITIOUS NAME STATEMENT EXPIRES FIVE YEARS FROM THE DATE IT WAS FILED. PUBLISH: MOUNTAIN VIEWS NEWS DATES PUB: MAY 27, JUNE 3, 10, 17, 2023

FICTITIOUS BUSINESS NAME STATEMENT FILE NO. 2023-108982
THE FOLLOWING PERSON(S) IS (ARE) DOING BUSINESS AS: JAVE'S KITCHEN, 5432 N VIRGINIA AVE UNIT B, BALDWIN PARK, CA 91706. FULL NAME OF REGISTRANT(S) IS (ARE) JAVIER PHOENIX AGUILAR. THIS BUSINESS IS CONDUCTED BY: AN INDIVIDUAL. SIGNED: JAVIER PHOENIX AGUILAR, OWNER. THIS STATEMENT WAS FILED WITH THE COUNTY CLERK OF LOS ANGELES COUNTY ON 05/17/2023. NOTICE: THIS FICTITIOUS NAME STATEMENT EXPIRES FIVE YEARS FROM THE DATE IT WAS FILED. PUBLISH: MOUNTAIN VIEWS NEWS DATES PUB: MAY 27, JUNE 3, 10, 17, 2023

FICTITIOUS BUSINESS NAME STATEMENT FILE NO. 2023-110097
THE FOLLOWING PERSON(S) IS (ARE) DOING BUSINESS AS: JESUS LUXURY TRANSPORT, 3218 SANTA ANITA AVE, EL MONTE, CA 91733. FULL NAME OF REGISTRANT(S) IS (ARE) JESUS HERMIDA CRUZ. THIS BUSINESS IS CONDUCTED BY: AN INDIVIDUAL. SIGNED: JESUS HERMIDA CRUZ, OWNER. THIS STATEMENT WAS FILED WITH THE COUNTY CLERK OF LOS ANGELES COUNTY ON 05/18/2023. NOTICE: THIS FICTITIOUS NAME STATEMENT EXPIRES FIVE YEARS FROM THE DATE IT WAS FILED. PUBLISH: MOUNTAIN VIEWS NEWS DATES PUB: MAY 27, JUNE 3, 10, 17, 2023

FICTITIOUS BUSINESS NAME STATEMENT FILE NO. 2023-108505
THE FOLLOWING PERSON(S) IS (ARE) DOING BUSINESS AS: JOHN ADAMS ART, 1140 E 9TH ST, LONG BEACH, CA 90813. FULL NAME OF REGISTRANT(S) IS (ARE) JOHN AGUSTIN WEINER. THIS BUSINESS IS CONDUCTED BY: AN INDIVIDUAL. SIGNED: JOHN AGUSTIN WEINER, OWNER. THIS STATEMENT WAS FILED WITH THE COUNTY CLERK OF LOS ANGELES COUNTY ON 05/16/2023. NOTICE: THIS FICTITIOUS NAME STATEMENT EXPIRES FIVE YEARS FROM THE DATE IT WAS FILED. PUBLISH: MOUNTAIN VIEWS NEWS DATES PUB: MAY 27, JUNE 3, 10, 17, 2023

FICTITIOUS BUSINESS NAME STATEMENT FILE NO. 2023-102881
THE FOLLOWING PERSON(S) IS (ARE) DOING BUSINESS AS: JUAN'S AUTO REPAIR, 1502 W 7TH ST, SAN PEDRO, CA 90732. FULL NAME OF REGISTRANT(S) IS (ARE) JUAN CARLOS SAENZ. THIS BUSINESS IS CONDUCTED BY: AN INDIVIDUAL. SIGNED: JUAN CARLOS SAENZ, OWNER. THIS STATEMENT WAS FILED WITH THE COUNTY CLERK OF LOS ANGELES COUNTY ON 05/08/2023. NOTICE: THIS FICTITIOUS NAME STATEMENT EXPIRES FIVE YEARS FROM THE DATE IT WAS FILED. PUBLISH: MOUNTAIN VIEWS NEWS DATES PUB: MAY 27, JUNE 3, 10, 17, 2023

FICTITIOUS BUSINESS NAME STATEMENT FILE NO. 2023-096818
THE FOLLOWING PERSON(S) IS (ARE) DOING BUSINESS AS: LALA'S LUXURY SERVICE, 3725 LAURITA AV, PASADENA, CA 91107. FULL NAME OF REGISTRANT(S) IS (ARE) EVA MARIA CASTELLANOS. THIS BUSINESS IS CONDUCTED BY: AN INDIVIDUAL. SIGNED: EVA MARIA CASTELLANOS, OWNER. THIS STATEMENT WAS FILED WITH THE COUNTY CLERK OF LOS ANGELES COUNTY ON 05/04/2023. NOTICE: THIS FICTITIOUS NAME STATEMENT EXPIRES FIVE YEARS FROM THE DATE IT WAS FILED. PUBLISH: MOUNTAIN VIEWS NEWS DATES PUB: MAY 27, JUNE 3, 10, 17, 2023

FICTITIOUS BUSINESS NAME STATEMENT FILE NO. 2023-105211
THE FOLLOWING PERSON(S) IS (ARE) DOING BUSINESS AS: LEVIATHAN TRANSPORT, 8813 STOCKWELL AVE, PICO RIVERA, CA 90660. FULL NAME OF REGISTRANT(S) IS (ARE) JOSE LOPEZ. THIS BUSINESS IS CONDUCTED BY: AN INDIVIDUAL. SIGNED: JOSE LOPEZ, OWNER. THIS STATEMENT WAS FILED WITH THE COUNTY CLERK OF LOS ANGELES COUNTY ON 05/11/2023. NOTICE: THIS FICTITIOUS NAME STATEMENT EXPIRES FIVE YEARS FROM THE DATE IT WAS FILED. PUBLISH: MOUNTAIN VIEWS NEWS DATES PUB: MAY 27, JUNE 3, 10, 17, 2023

FICTITIOUS BUSINESS NAME STATEMENT FILE NO. 2023-108571
THE FOLLOWING PERSON(S) IS (ARE) DOING BUSINESS AS: LUXURY TRANSPORT, 4940 EASTON ST, LOS ANGELES, CA 90032. FULL NAME OF REGISTRANT(S) IS (ARE) ARMANDO SEUNG. THIS BUSINESS IS CONDUCTED BY: AN INDIVIDUAL. SIGNED: ARMANDO SEUNG, OWNER. THIS STATEMENT WAS FILED WITH THE COUNTY CLERK OF LOS ANGELES COUNTY ON 05/16/2023. NOTICE: THIS FICTITIOUS NAME STATEMENT EXPIRES FIVE YEARS FROM THE DATE IT WAS FILED. PUBLISH: MOUNTAIN VIEWS NEWS DATES PUB: MAY 27, JUNE 3, 10, 17, 2023

FICTITIOUS BUSINESS NAME STATEMENT FILE NO. 2023-110118
THE FOLLOWING PERSON(S) IS (ARE) DOING BUSINESS AS: LEEWAY TRANSPORTATION, 13735 STUDEBAKER RD, NORWALK, CA 90650. FULL NAME OF REGISTRANT(S) IS (ARE) KARLA BENITEZ. THIS BUSINESS IS CONDUCTED BY: AN INDIVIDUAL. SIGNED: KARLA BENITEZ, OWNER. THIS STATEMENT WAS FILED WITH THE COUNTY CLERK OF LOS ANGELES COUNTY ON 05/18/2023. NOTICE: THIS FICTITIOUS NAME STATEMENT EXPIRES FIVE YEARS FROM THE DATE IT WAS FILED. PUBLISH: MOUNTAIN VIEWS NEWS DATES PUB: MAY 27, JUNE 3, 10, 17, 2023

FICTITIOUS BUSINESS NAME STATEMENT FILE NO. 2023-095275
THE FOLLOWING PERSON(S) IS (ARE) DOING BUSINESS AS: LUIS ORTIZ TRANSPORTATION, 12917 E 4TH ST, UNIT 1, PARAMOUNT, CA 90723. FULL NAME OF REGISTRANT(S) IS (ARE) LUIS ORTIZ RUIZ. THIS BUSINESS IS CONDUCTED BY: AN INDIVIDUAL. SIGNED: LUIS ORTIZ RUIZ, OWNER. THIS STATEMENT WAS FILED WITH THE COUNTY CLERK OF LOS ANGELES COUNTY ON 05/02/2023. NOTICE: THIS FICTITIOUS NAME STATEMENT EXPIRES FIVE YEARS FROM THE DATE IT WAS FILED. PUBLISH: MOUNTAIN VIEWS NEWS DATES PUB: MAY 27, JUNE 3, 10, 17, 2023

FICTITIOUS BUSINESS NAME STATEMENT FILE NO. 2023-095520
THE FOLLOWING PERSON(S) IS (ARE) DOING BUSINESS AS: MH METALWORKS, 9345 BEVERLY BLVD, PICO RIVERA, CA 90660. FULL NAME OF REGISTRANT(S) IS (ARE) MATEO ALVAREZ GUERRA. THIS BUSINESS IS CONDUCTED BY: A GENERAL PARTNERSHIP. SIGNED: MATEO ALVAREZ GUERRA, GENERAL PARTNER. THIS STATEMENT WAS FILED WITH THE COUNTY CLERK OF LOS ANGELES COUNTY ON 05/02/2023. NOTICE: THIS FICTITIOUS NAME STATEMENT EXPIRES FIVE YEARS FROM THE DATE IT WAS FILED. PUBLISH: MOUNTAIN VIEWS NEWS DATES PUB: MAY 27, JUNE 3, 10, 17, 2023

FICTITIOUS BUSINESS NAME STATEMENT FILE NO. 2023-105875
THE FOLLOWING PERSON(S) IS (ARE) DOING BUSINESS AS: MARANATA DISCOUNT MARKET, 1262 S LAKE ST, LOS ANGELES, CA 90006. FULL NAME OF REGISTRANT(S) IS (ARE) ALBERTO ROMERO DE LA CRUZ. THIS BUSINESS IS CONDUCTED BY: AN INDIVIDUAL. SIGNED: ALBERTO ROMERO DE LA CRUZ, OWNER. THIS STATEMENT WAS FILED WITH THE COUNTY CLERK OF LOS ANGELES COUNTY ON 05/12/2023. NOTICE: THIS FICTITIOUS NAME STATEMENT EXPIRES FIVE YEARS FROM THE DATE IT WAS FILED. PUBLISH: MOUNTAIN VIEWS NEWS DATES PUB: MAY 27, JUNE 3, 10, 17, 2023

FICTITIOUS BUSINESS NAME STATEMENT FILE NO. 2023-101833
THE FOLLOWING PERSON(S) IS (ARE) DOING BUSINESS AS: MARY'S ART, 8651 STATE ST, SOUTH GATE, CA 90280. FULL NAME OF REGISTRANT(S) IS (ARE) EULALIO RAMIREZ FLORES. THIS BUSINESS IS CONDUCTED BY: AN INDIVIDUAL. SIGNED: EULALIO RAMIREZ FLORES, OWNER. THIS STATEMENT WAS FILED WITH THE COUNTY CLERK OF LOS ANGELES COUNTY ON 05/09/2023. NOTICE: THIS FICTITIOUS NAME STATEMENT EXPIRES FIVE YEARS FROM THE DATE IT WAS FILED. PUBLISH: MOUNTAIN VIEWS NEWS DATES PUB: MAY 27, JUNE 3, 10, 17, 2023

FICTITIOUS BUSINESS NAME STATEMENT FILE NO. 2023-106141
THE FOLLOWING PERSON(S) IS (ARE) DOING BUSINESS AS: MJL TRANSPORTATION, 19832 WHITFIELD ST, WOODLAND HILLS, CA 91364. FULL NAME OF REGISTRANT(S) IS (ARE) MANUEL DE JESUS LAZOS FLORES. THIS BUSINESS IS CONDUCTED BY: AN INDIVIDUAL. SIGNED: MANUEL DE JESUS LAZOS FLORES, OWNER. THIS STATEMENT WAS FILED WITH THE COUNTY CLERK OF LOS ANGELES COUNTY ON 05/12/2023. NOTICE: THIS FICTITIOUS NAME STATEMENT EXPIRES FIVE YEARS FROM THE DATE IT WAS FILED. PUBLISH: MOUNTAIN VIEWS NEWS DATES PUB: MAY 27, JUNE 3, 10, 17, 2023

FICTITIOUS BUSINESS NAME STATEMENT FILE NO. 2023-107010
THE FOLLOWING PERSON(S) IS (ARE) DOING BUSINESS AS: MURCIA LUXURY TRANSPORT, 11104 BURNSIDE ST, NORTH HOLLYWOOD, CA 91601. FULL NAME OF REGISTRANT(S) IS (ARE) MARIO ROBERTO MURCIA. THIS BUSINESS IS CONDUCTED BY: AN INDIVIDUAL. SIGNED: MARIO ROBERTO MURCIA, OWNER. THIS STATEMENT WAS FILED WITH THE COUNTY CLERK OF LOS ANGELES COUNTY ON 05/15/2023. NOTICE: THIS FICTITIOUS NAME STATEMENT EXPIRES FIVE YEARS FROM THE DATE IT WAS FILED. PUBLISH: MOUNTAIN VIEWS NEWS DATES PUB: MAY 27, JUNE 3, 10, 17, 2023

FICTITIOUS BUSINESS NAME STATEMENT FILE NO. 2023-107902
THE FOLLOWING PERSON(S) IS (ARE) DOING BUSINESS AS: NANNY'S BOUTIQUE, 5435 BROADWAY, HUNTINGTON PARK, CA 90255. FULL NAME OF REGISTRANT(S) IS (ARE) ROSA MARIA FLORES CABRERA. THIS BUSINESS IS CONDUCTED BY: AN INDIVIDUAL. SIGNED: ROSA MARIA FLORES CABRERA, OWNER. THIS STATEMENT WAS FILED WITH THE COUNTY CLERK OF LOS ANGELES COUNTY ON 05/16/2023. NOTICE: THIS FICTITIOUS NAME STATEMENT EXPIRES FIVE YEARS FROM THE DATE IT WAS FILED. PUBLISH: MOUNTAIN VIEWS NEWS DATES PUB: MAY 27, JUNE 3, 10, 17, 2023

FICTITIOUS BUSINESS NAME STATEMENT FILE NO. 2023-108818
THE FOLLOWING PERSON(S) IS (ARE) DOING BUSINESS AS: NEW ERA AUTO COLLISION, 8961 FIRESTONE BLVD, SOUTH GATE, CA 90280. FULL NAME OF REGISTRANT(S) IS (ARE) NEW ERA AUTO COLLISION LLC. THIS BUSINESS IS CONDUCTED BY: A LIMITED LIABILITY COMPANY. SIGNED: JOSE GONZALEZ, MANAGER. THIS STATEMENT WAS FILED WITH THE COUNTY CLERK OF LOS ANGELES COUNTY ON 05/16/2023. NOTICE: THIS FICTITIOUS NAME STATEMENT EXPIRES FIVE YEARS FROM THE DATE IT WAS FILED. PUBLISH: MOUNTAIN VIEWS NEWS DATES PUB: MAY 27, JUNE 3, 10, 17, 2023

FICTITIOUS BUSINESS NAME STATEMENT FILE NO. 2023-105288
THE FOLLOWING PERSON(S) IS (ARE) DOING BUSINESS AS: OROZCO DISTRIBUTION, 2740 W BALL RD APT 40, ANAHEIM, CA 92804. FULL NAME OF REGISTRANT(S) IS (ARE) JOSE LUIS OROZCO MADRIGAL. THIS BUSINESS IS CONDUCTED BY: AN INDIVIDUAL. SIGNED: JOSE LUIS OROZCO MADRIGAL, OWNER. THIS STATEMENT WAS FILED WITH THE COUNTY CLERK OF LOS ANGELES COUNTY ON 05/11/2023. NOTICE: THIS FICTITIOUS NAME STATEMENT EXPIRES FIVE YEARS FROM THE DATE IT WAS FILED. PUBLISH: MOUNTAIN VIEWS NEWS DATES PUB: MAY 27, JUNE 3, 10, 17, 2023

FICTITIOUS BUSINESS NAME STATEMENT FILE NO. 2023-111126
THE FOLLOWING PERSON(S) IS (ARE) DOING BUSINESS AS: OMEGA MULTI SERVICES, 1615 N ALTADENA DR APT 4, PASADENA, CA 91107. FULL NAME OF REGISTRANT(S) IS (ARE) ISRAEL ORTEGA DELGADO. THIS BUSINESS IS CONDUCTED BY: AN INDIVIDUAL. SIGNED: ISRAEL ORTEGA DELGADO, OWNER. THIS STATEMENT WAS FILED WITH THE COUNTY CLERK OF LOS ANGELES COUNTY ON 05/19/2023. NOTICE: THIS FICTITIOUS NAME STATEMENT EXPIRES FIVE YEARS FROM THE DATE IT WAS FILED. PUBLISH: MOUNTAIN VIEWS NEWS DATES PUB: MAY 27, JUNE 3, 10, 17, 2023

FICTITIOUS BUSINESS NAME STATEMENT FILE NO. 2023-111156
THE FOLLOWING PERSON(S) IS (ARE) DOING BUSINESS AS: PINEDA DISTRIBUTION, 3324 TOWNSEND AVE, LOS ANGELES, CA 90032. FULL NAME OF REGISTRANT(S) IS (ARE) ANTONIO PINEDA. THIS BUSINESS IS CONDUCTED BY: AN INDIVIDUAL. SIGNED: ANTONIO PINEDA, OWNER. THIS STATEMENT WAS FILED WITH THE COUNTY CLERK OF LOS ANGELES COUNTY ON 05/19/2023. NOTICE: THIS FICTITIOUS NAME STATEMENT EXPIRES FIVE YEARS FROM THE DATE IT WAS FILED. PUBLISH: MOUNTAIN VIEWS NEWS DATES PUB: MAY 27, JUNE 3, 10, 17, 2023

FICTITIOUS BUSINESS NAME STATEMENT FILE NO. 2023-107070
THE FOLLOWING PERSON(S) IS (ARE) DOING BUSINESS AS: PRPRO, 1776 E 11TH ST, LONG BEACH, CA 90813. FULL NAME OF REGISTRANT(S) IS (ARE) PEDRO ARTURO GALEANA. THIS BUSINESS IS CONDUCTED BY: AN INDIVIDUAL. SIGNED: PEDRO ARTURO GALEANA, OWNER. THIS STATEMENT WAS FILED WITH THE COUNTY CLERK OF LOS ANGELES COUNTY ON 05/15/2023. NOTICE: THIS FICTITIOUS NAME STATEMENT EXPIRES FIVE YEARS FROM THE DATE IT WAS FILED. PUBLISH: MOUNTAIN VIEWS NEWS DATES PUB: MAY 27, JUNE 3, 10, 17, 2023

FICTITIOUS BUSINESS NAME STATEMENT FILE NO. 2023-109126
THE FOLLOWING PERSON(S) IS (ARE) DOING BUSINESS AS: QUAN LUXURY TRANSPORT, 14814 EBB ST APT E, VAN NUYS, CA 91411. FULL NAME OF REGISTRANT(S) IS (ARE) MARIO QUAN VILLATORO. THIS BUSINESS IS CONDUCTED BY: AN INDIVIDUAL. SIGNED: MARIO QUAN VILLATORO, OWNER. THIS STATEMENT WAS FILED WITH THE COUNTY CLERK OF LOS ANGELES COUNTY ON 05/17/2023. NOTICE: THIS FICTITIOUS NAME STATEMENT EXPIRES FIVE YEARS FROM THE DATE IT WAS FILED. PUBLISH: MOUNTAIN VIEWS NEWS DATES PUB: MAY 27, JUNE 3, 10, 17, 2023

FICTITIOUS BUSINESS NAME STATEMENT FILE NO. 2023-101881
THE FOLLOWING PERSON(S) IS (ARE) DOING BUSINESS AS: RICO DISTRIBUTION, 10006 KENMORE ST, EL MONTE, CA 91731. FULL NAME OF REGISTRANT(S) IS (ARE) LUIS MANUEL RICO. THIS BUSINESS IS CONDUCTED BY: AN INDIVIDUAL. SIGNED: LUIS MANUEL RICO, OWNER. THIS STATEMENT WAS FILED WITH THE COUNTY CLERK OF LOS ANGELES COUNTY ON 05/08/2023. NOTICE: THIS FICTITIOUS NAME STATEMENT EXPIRES FIVE YEARS FROM THE DATE IT WAS FILED. PUBLISH: MOUNTAIN VIEWS NEWS DATES PUB: MAY 27, JUNE 3, 10, 17, 2023

FICTITIOUS BUSINESS NAME STATEMENT FILE NO. 2023-103773
THE FOLLOWING PERSON(S) IS (ARE) DOING BUSINESS AS: R & R TRUCKING, 4863 W ADAMS BLVD, LOS ANGELES, CA 90016. FULL NAME OF REGISTRANT(S) IS (ARE) RAMON RODRIGUEZ. THIS BUSINESS IS CONDUCTED BY: AN INDIVIDUAL. SIGNED: RAMON RODRIGUEZ, OWNER. THIS STATEMENT WAS FILED WITH THE COUNTY CLERK OF LOS ANGELES COUNTY ON 05/10/2023. NOTICE: THIS FICTITIOUS NAME STATEMENT EXPIRES FIVE YEARS FROM THE DATE IT WAS FILED. PUBLISH: MOUNTAIN VIEWS NEWS DATES PUB: MAY 27, JUNE 3, 10, 17, 2023

FICTITIOUS BUSINESS NAME STATEMENT FILE NO. 2023-105082
THE FOLLOWING PERSON(S) IS (ARE) DOING BUSINESS AS: RPO COACHING, 4385 E SPRING ST APT 301, LONG BEACH, CA 90815. FULL NAME OF REGISTRANT(S) IS (ARE) MICHAEL JOSE GONZALEZ. THIS BUSINESS IS CONDUCTED BY: AN INDIVIDUAL. SIGNED: MICHAEL JOSE GONZALEZ, OWNER. THIS STATEMENT WAS FILED WITH THE COUNTY CLERK OF LOS ANGELES COUNTY ON 05/11/2023. NOTICE: THIS FICTITIOUS NAME STATEMENT EXPIRES FIVE YEARS FROM THE DATE IT WAS FILED. PUBLISH: MOUNTAIN VIEWS NEWS DATES PUB: MAY 27, JUNE 3, 10, 17, 2023

FICTITIOUS BUSINESS NAME STATEMENT FILE NO. 2023-101880
THE FOLLOWING PERSON(S) IS (ARE) DOING BUSINESS AS: SANTOS LUXURY TRANSPORT, 1017 LOVELAND ST, LOS ANGELES, CA 90021. FULL NAME OF REGISTRANT(S) IS (ARE) SANTOS F RAMIREZ MARROQUIN. THIS BUSINESS IS CONDUCTED BY: AN INDIVIDUAL. SIGNED: SANTOS F RAMIREZ MARROQUIN, OWNER. THIS STATEMENT WAS FILED WITH THE COUNTY CLERK OF LOS ANGELES COUNTY ON 05/08/2023. NOTICE: THIS FICTITIOUS NAME STATEMENT EXPIRES FIVE YEARS FROM THE DATE IT WAS FILED. PUBLISH: MOUNTAIN VIEWS NEWS DATES PUB: MAY 27, JUNE 3, 10, 17, 2023

FICTITIOUS BUSINESS NAME STATEMENT FILE NO. 2023-105531
THE FOLLOWING PERSON(S) IS (ARE) DOING BUSINESS AS: SANTIAGO'S LUX SERVICE, 1538 S EAST AVE, COMPTON, CA 90221. FULL NAME OF REGISTRANT(S) IS (ARE) LUIS A SANTIAGO RODRIGUEZ. THIS BUSINESS IS CONDUCTED BY: AN INDIVIDUAL. SIGNED: LUIS A SANTIAGO RODRIGUEZ, OWNER. THIS STATEMENT WAS FILED WITH THE COUNTY CLERK OF LOS ANGELES COUNTY ON 05/12/2023. NOTICE: THIS FICTITIOUS NAME STATEMENT EXPIRES FIVE YEARS FROM THE DATE IT WAS FILED. PUBLISH: MOUNTAIN VIEWS NEWS DATES PUB: MAY 27, JUNE 3, 10, 17, 2023

FICTITIOUS BUSINESS NAME STATEMENT FILE NO. 2023-103836
THE FOLLOWING PERSON(S) IS (ARE) DOING BUSINESS AS: TERCERO DISTRIBUTION, 10425 WALNUT AVE, SOUTH GATE, CA 90280. FULL NAME OF REGISTRANT(S) IS (ARE) JOSE TERCERO. THIS BUSINESS IS CONDUCTED BY: AN INDIVIDUAL. SIGNED: JOSE TERCERO, OWNER. THIS STATEMENT WAS FILED WITH THE COUNTY CLERK OF LOS ANGELES COUNTY ON 05/10/2023. NOTICE: THIS FICTITIOUS NAME STATEMENT EXPIRES FIVE YEARS FROM THE DATE IT WAS FILED. PUBLISH: MOUNTAIN VIEWS NEWS DATES PUB: MAY 27, JUNE 3, 10, 17, 2023

FICTITIOUS BUSINESS NAME STATEMENT FILE NO. 2023-104868
THE FOLLOWING PERSON(S) IS (ARE) DOING BUSINESS AS: VICTOR VALERO TRANSPORTATION, 15839 VASSAR ST 103, VAN NUYS, CA 91406. FULL NAME OF REGISTRANT(S) IS (ARE) VICTOR HUGO VALERO RODRIGUEZ. THIS BUSINESS IS CONDUCTED BY: AN INDIVIDUAL. SIGNED: VICTOR HUGO VALERO RODRIGUEZ, OWNER. THIS STATEMENT WAS FILED WITH THE COUNTY CLERK OF LOS ANGELES COUNTY ON 05/11/2023. NOTICE: THIS FICTITIOUS NAME STATEMENT EXPIRES FIVE YEARS FROM THE DATE IT WAS FILED. PUBLISH: MOUNTAIN VIEWS NEWS DATES PUB: MAY 27, JUNE 3, 10, 17, 2023

FICTITIOUS BUSINESS NAME STATEMENT FILE NO. 2023-105377
THE FOLLOWING PERSON(S) IS (ARE) DOING BUSINESS AS: VILLEGALDO DISTRIBUTION, 416 N GARFIELD AVE APT 3, MONTEBELLO, CA 90640. FULL NAME OF REGISTRANT(S) IS (ARE) GABRIEL J VILLEGALDO SANCHEZ. THIS BUSINESS IS CONDUCTED BY: AN INDIVIDUAL. SIGNED: GABRIEL J VILLEGALDO SANCHEZ, OWNER. THIS STATEMENT WAS FILED WITH THE COUNTY CLERK OF LOS ANGELES COUNTY ON 05/11/2023. NOTICE: THIS FICTITIOUS NAME STATEMENT EXPIRES FIVE YEARS FROM THE DATE IT WAS FILED. PUBLISH: MOUNTAIN VIEWS NEWS DATES PUB: MAY 27, JUNE 3, 10, 17, 2023

FICTITIOUS BUSINESS NAME STATEMENT FILE NO. 2023-108178
THE FOLLOWING PERSON(S) IS (ARE) DOING BUSINESS AS: VY VU UBER, 1021 N VIA VERANDA, LONG BEACH, CA 90807. FULL NAME OF REGISTRANT(S) IS (ARE) VY VU. THIS BUSINESS IS CONDUCTED BY: AN INDIVIDUAL. SIGNED: VY VU, OWNER. THIS STATEMENT WAS FILED WITH THE COUNTY CLERK OF LOS ANGELES COUNTY ON 05/16/2023. NOTICE: THIS FICTITIOUS NAME STATEMENT EXPIRES FIVE YEARS FROM THE DATE IT WAS FILED. PUBLISH: MOUNTAIN VIEWS NEWS DATES PUB: MAY 27, JUNE 3, 10, 17, 2023

FICTITIOUS BUSINESS NAME STATEMENT FILE NO. 2023-104849
THE FOLLOWING PERSON(S) IS (ARE) DOING BUSINESS AS: ZALDANA ESCOBAR TRANSPORTATION, 8711 ROSEWOOD AVE, PICO RIVERA, CA 90660. FULL NAME OF REGISTRANT(S) IS (ARE) CARLOS ALBERTO ZALDANA ESCOBAR. THIS BUSINESS IS CONDUCTED BY: AN INDIVIDUAL. SIGNED: CARLOS ALBERTO ZALDANA ESCOBAR, OWNER. THIS STATEMENT WAS FILED WITH THE COUNTY CLERK OF LOS ANGELES COUNTY ON 05/11/2023. NOTICE: THIS FICTITIOUS NAME STATEMENT EXPIRES FIVE YEARS FROM THE DATE IT WAS FILED. PUBLISH: MOUNTAIN VIEWS NEWS DATES PUB: MAY 27, JUNE 3, 10, 17, 2023

Mountain Views News
80 W Sierra Madre Blvd. No. 327 Sierra Madre, Ca. 91024	Office: 626.355.2737 Fax: 626.609.3285 Email: editor@mtnviewsnews.com Website: www.mtnviewsnews.com
